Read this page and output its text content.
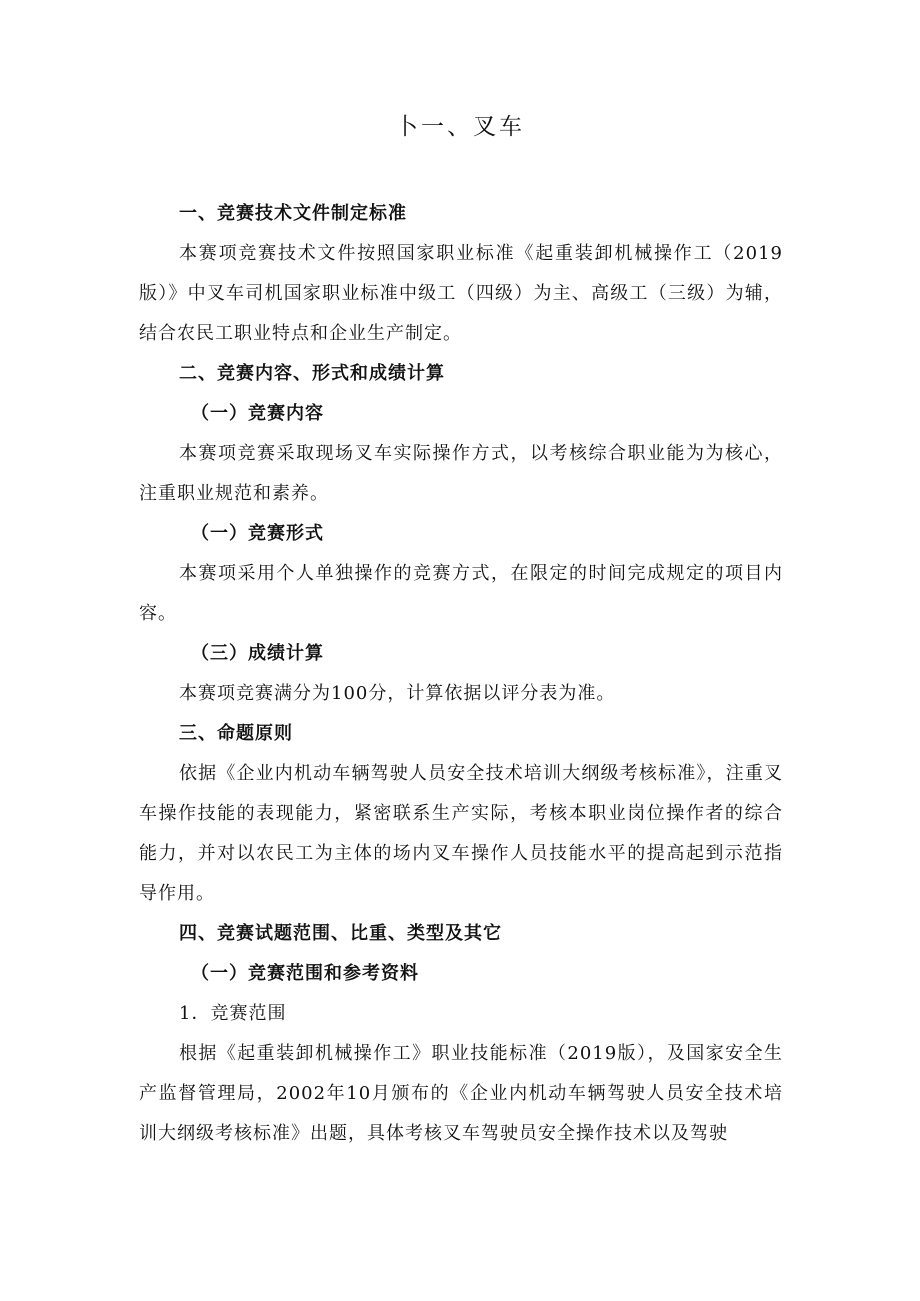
卜一、叉车
一、竞赛技术文件制定标准

本赛项竞赛技术文件按照国家职业标准《起重装卸机械操作工（2019版）》中叉车司机国家职业标准中级工（四级）为主、高级工（三级）为辅，结合农民工职业特点和企业生产制定。

二、竞赛内容、形式和成绩计算
（一）竞赛内容

本赛项竞赛采取现场叉车实际操作方式，以考核综合职业能为为核心，注重职业规范和素养。

（一）竞赛形式

本赛项采用个人单独操作的竞赛方式，在限定的时间完成规定的项目内容。

（三）成绩计算

本赛项竞赛满分为100分，计算依据以评分表为准。

三、命题原则

依据《企业内机动车辆驾驶人员安全技术培训大纲级考核标准》，注重叉车操作技能的表现能力，紧密联系生产实际，考核本职业岗位操作者的综合能力，并对以农民工为主体的场内叉车操作人员技能水平的提高起到示范指导作用。

四、竞赛试题范围、比重、类型及其它
（一）竞赛范围和参考资料

1．竞赛范围

根据《起重装卸机械操作工》职业技能标准（2019版），及国家安全生产监督管理局，2002年10月颁布的《企业内机动车辆驾驶人员安全技术培训大纲级考核标准》出题，具体考核叉车驾驶员安全操作技术以及驾驶
